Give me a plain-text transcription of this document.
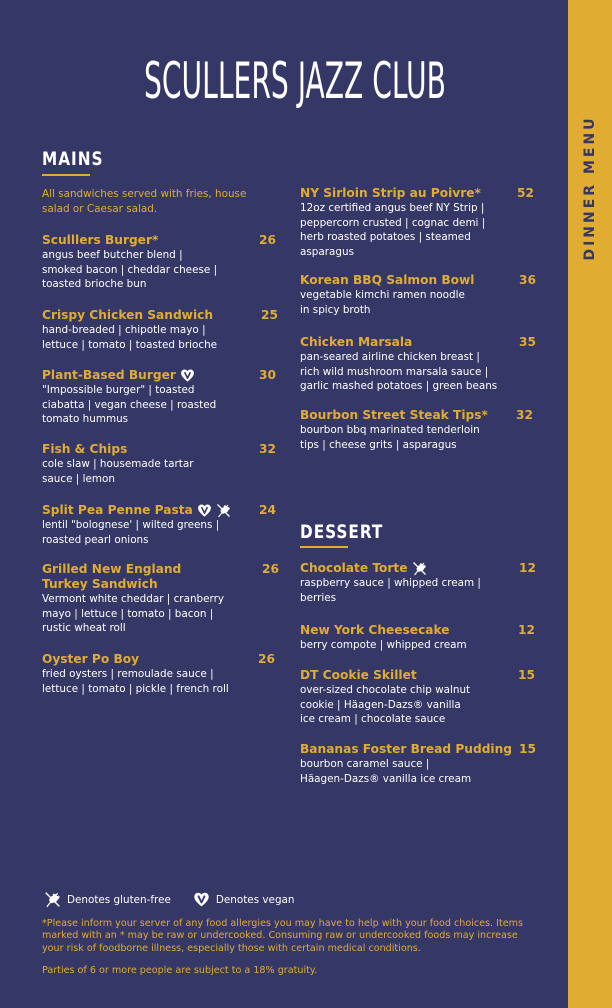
DINNER MENU
SCULLERS JAZZ CLUB
MAINS
All sandwiches served with fries, house salad or Caesar salad.
Sculllers Burger*
angus beef butcher blend |
smoked bacon | cheddar cheese |
toasted brioche bun
26
Crispy Chicken Sandwich
hand-breaded | chipotle mayo |
lettuce | tomato | toasted brioche
25
Plant-Based Burger
"Impossible burger" | toasted
ciabatta | vegan cheese | roasted
tomato hummus
30
Fish & Chips
cole slaw | housemade tartar
sauce | lemon
32
Split Pea Penne Pasta
lentil "bolognese' | wilted greens |
roasted pearl onions
24
Grilled New England
Turkey Sandwich
Vermont white cheddar | cranberry
mayo | lettuce | tomato | bacon |
rustic wheat roll
26
Oyster Po Boy
fried oysters | remoulade sauce |
lettuce | tomato | pickle | french roll
26
NY Sirloin Strip au Poivre*
12oz certified angus beef NY Strip |
peppercorn crusted | cognac demi |
herb roasted potatoes | steamed
asparagus
52
Korean BBQ Salmon Bowl
vegetable kimchi ramen noodle
in spicy broth
36
Chicken Marsala
pan-seared airline chicken breast |
rich wild mushroom marsala sauce |
garlic mashed potatoes | green beans
35
Bourbon Street Steak Tips*
bourbon bbq marinated tenderloin
tips | cheese grits | asparagus
32
DESSERT
Chocolate Torte
raspberry sauce | whipped cream |
berries
12
New York Cheesecake
berry compote | whipped cream
12
DT Cookie Skillet
over-sized chocolate chip walnut
cookie | Häagen-Dazs® vanilla
ice cream | chocolate sauce
15
Bananas Foster Bread Pudding
bourbon caramel sauce |
Häagen-Dazs® vanilla ice cream
15
Denotes gluten-free	Denotes vegan
*Please inform your server of any food allergies you may have to help with your food choices. Items marked with an * may be raw or undercooked. Consuming raw or undercooked foods may increase your risk of foodborne illness, especially those with certain medical conditions.
Parties of 6 or more people are subject to a 18% gratuity.
